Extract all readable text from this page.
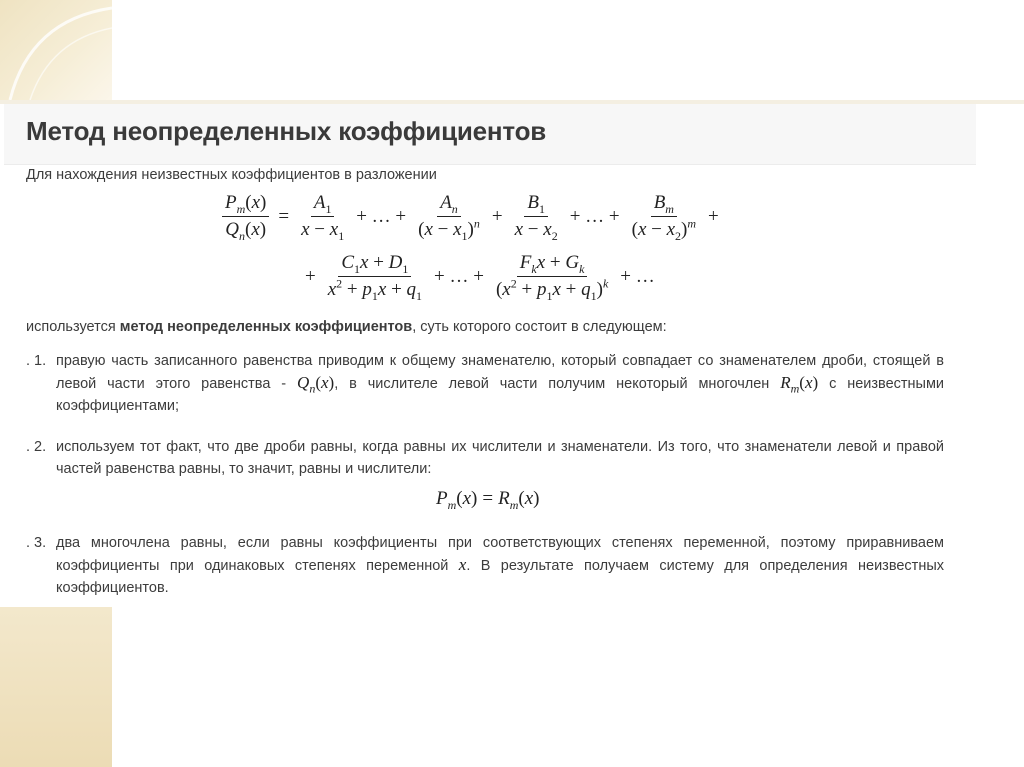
Метод неопределенных коэффициентов
Для нахождения неизвестных коэффициентов в разложении
$\frac{P_m(x)}{Q_n(x)} = \frac{A_1}{x - x_1}$ + … + $\frac{A_n}{(x - x_1)^n} + \frac{B_1}{x - x_2}$ + … + $\frac{B_m}{(x - x_2)^m}$ +
+ $\frac{C_1x + D_1}{x^2 + p_1x + q_1}$ + … + $\frac{F_kx + G_k}{(x^2 + p_1x + q_1)^k}$ + …
используется метод неопределенных коэффициентов, суть которого состоит в следующем:
. 1. правую часть записанного равенства приводим к общему знаменателю, который совпадает со знаменателем дроби, стоящей в левой части этого равенства - $Q_n(x)$, в числителе левой части получим некоторый многочлен $R_m(x)$ с неизвестными коэффициентами;
. 2. используем тот факт, что две дроби равны, когда равны их числители и знаменатели. Из того, что знаменатели левой и правой частей равенства равны, то значит, равны и числители:
$P_m$ ( x ) = $R_m$ ( x )
. 3. два многочлена равны, если равны коэффициенты при соответствующих степенях переменной, поэтому приравниваем коэффициенты при одинаковых степенях переменной x. В результате получаем систему для определения неизвестных коэффициентов.
